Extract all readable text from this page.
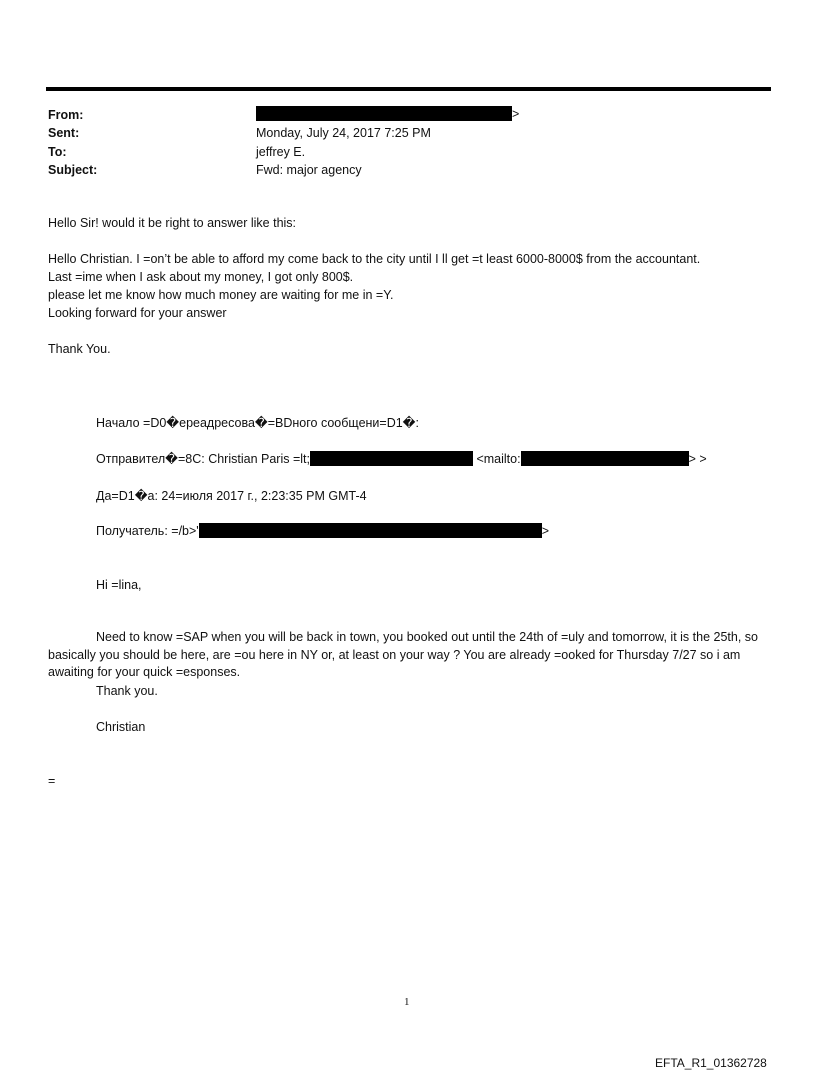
From:	>
Sent:	Monday, July 24, 2017 7:25 PM
To:	jeffrey E.
Subject:	Fwd: major agency
Hello Sir! would it be right to answer like this:
Hello Christian. I =on’t be able to afford my come back to the city until I ll get =t least 6000-8000$ from the accountant.
Last =ime when I ask about my money, I got only 800$.
please let me know how much money are waiting for me in =Y.
Looking forward for your answer
Thank You.
Начало =D0�ереадресова�=BDного сообщени=D1�:
Отправител�=8C: Christian Paris =lt;	<mailto:	> >
Да=D1�а: 24=июля 2017 г., 2:23:35 PM GMT-4
Получатель: =/b>'	>
Hi =lina,
Need to know =SAP when you will be back in town, you booked out until the 24th of =uly and tomorrow, it is the 25th, so basically you should be here, are =ou here in NY or, at least on your way ? You are already =ooked for Thursday 7/27 so i am awaiting for your quick =esponses.
Thank you.
Christian
=
1
EFTA_R1_01362728
